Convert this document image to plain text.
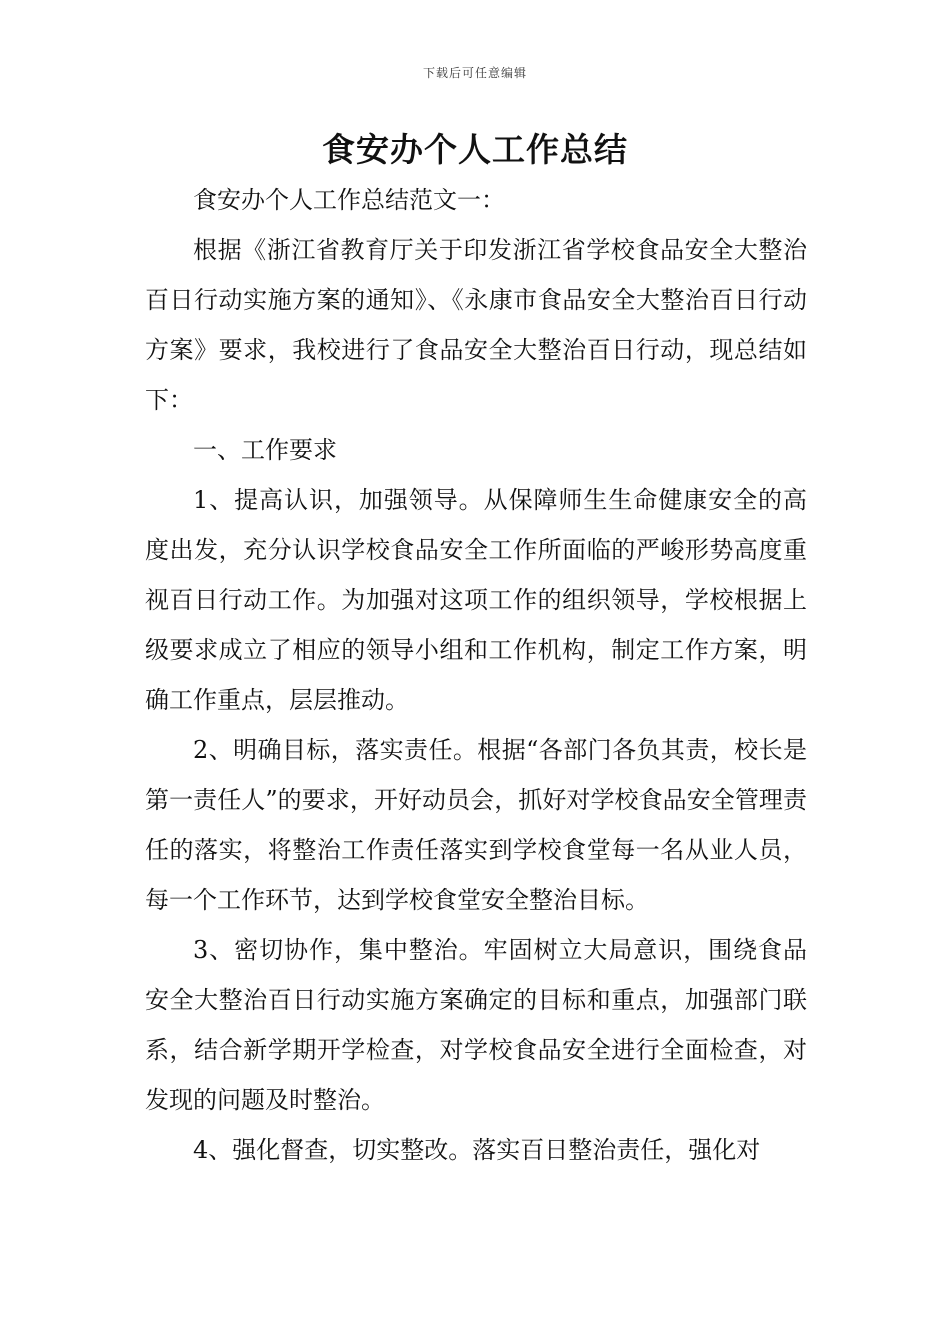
下载后可任意编辑
食安办个人工作总结

食安办个人工作总结范文一：

根据《浙江省教育厅关于印发浙江省学校食品安全大整治百日行动实施方案的通知》、《永康市食品安全大整治百日行动方案》要求，我校进行了食品安全大整治百日行动，现总结如下：

一、工作要求

1、提高认识，加强领导。从保障师生生命健康安全的高度出发，充分认识学校食品安全工作所面临的严峻形势高度重视百日行动工作。为加强对这项工作的组织领导，学校根据上级要求成立了相应的领导小组和工作机构，制定工作方案，明确工作重点，层层推动。

2、明确目标，落实责任。根据“各部门各负其责，校长是第一责任人”的要求，开好动员会，抓好对学校食品安全管理责任的落实，将整治工作责任落实到学校食堂每一名从业人员，每一个工作环节，达到学校食堂安全整治目标。

3、密切协作，集中整治。牢固树立大局意识，围绕食品安全大整治百日行动实施方案确定的目标和重点，加强部门联系，结合新学期开学检查，对学校食品安全进行全面检查，对发现的问题及时整治。

4、强化督查，切实整改。落实百日整治责任，强化对
